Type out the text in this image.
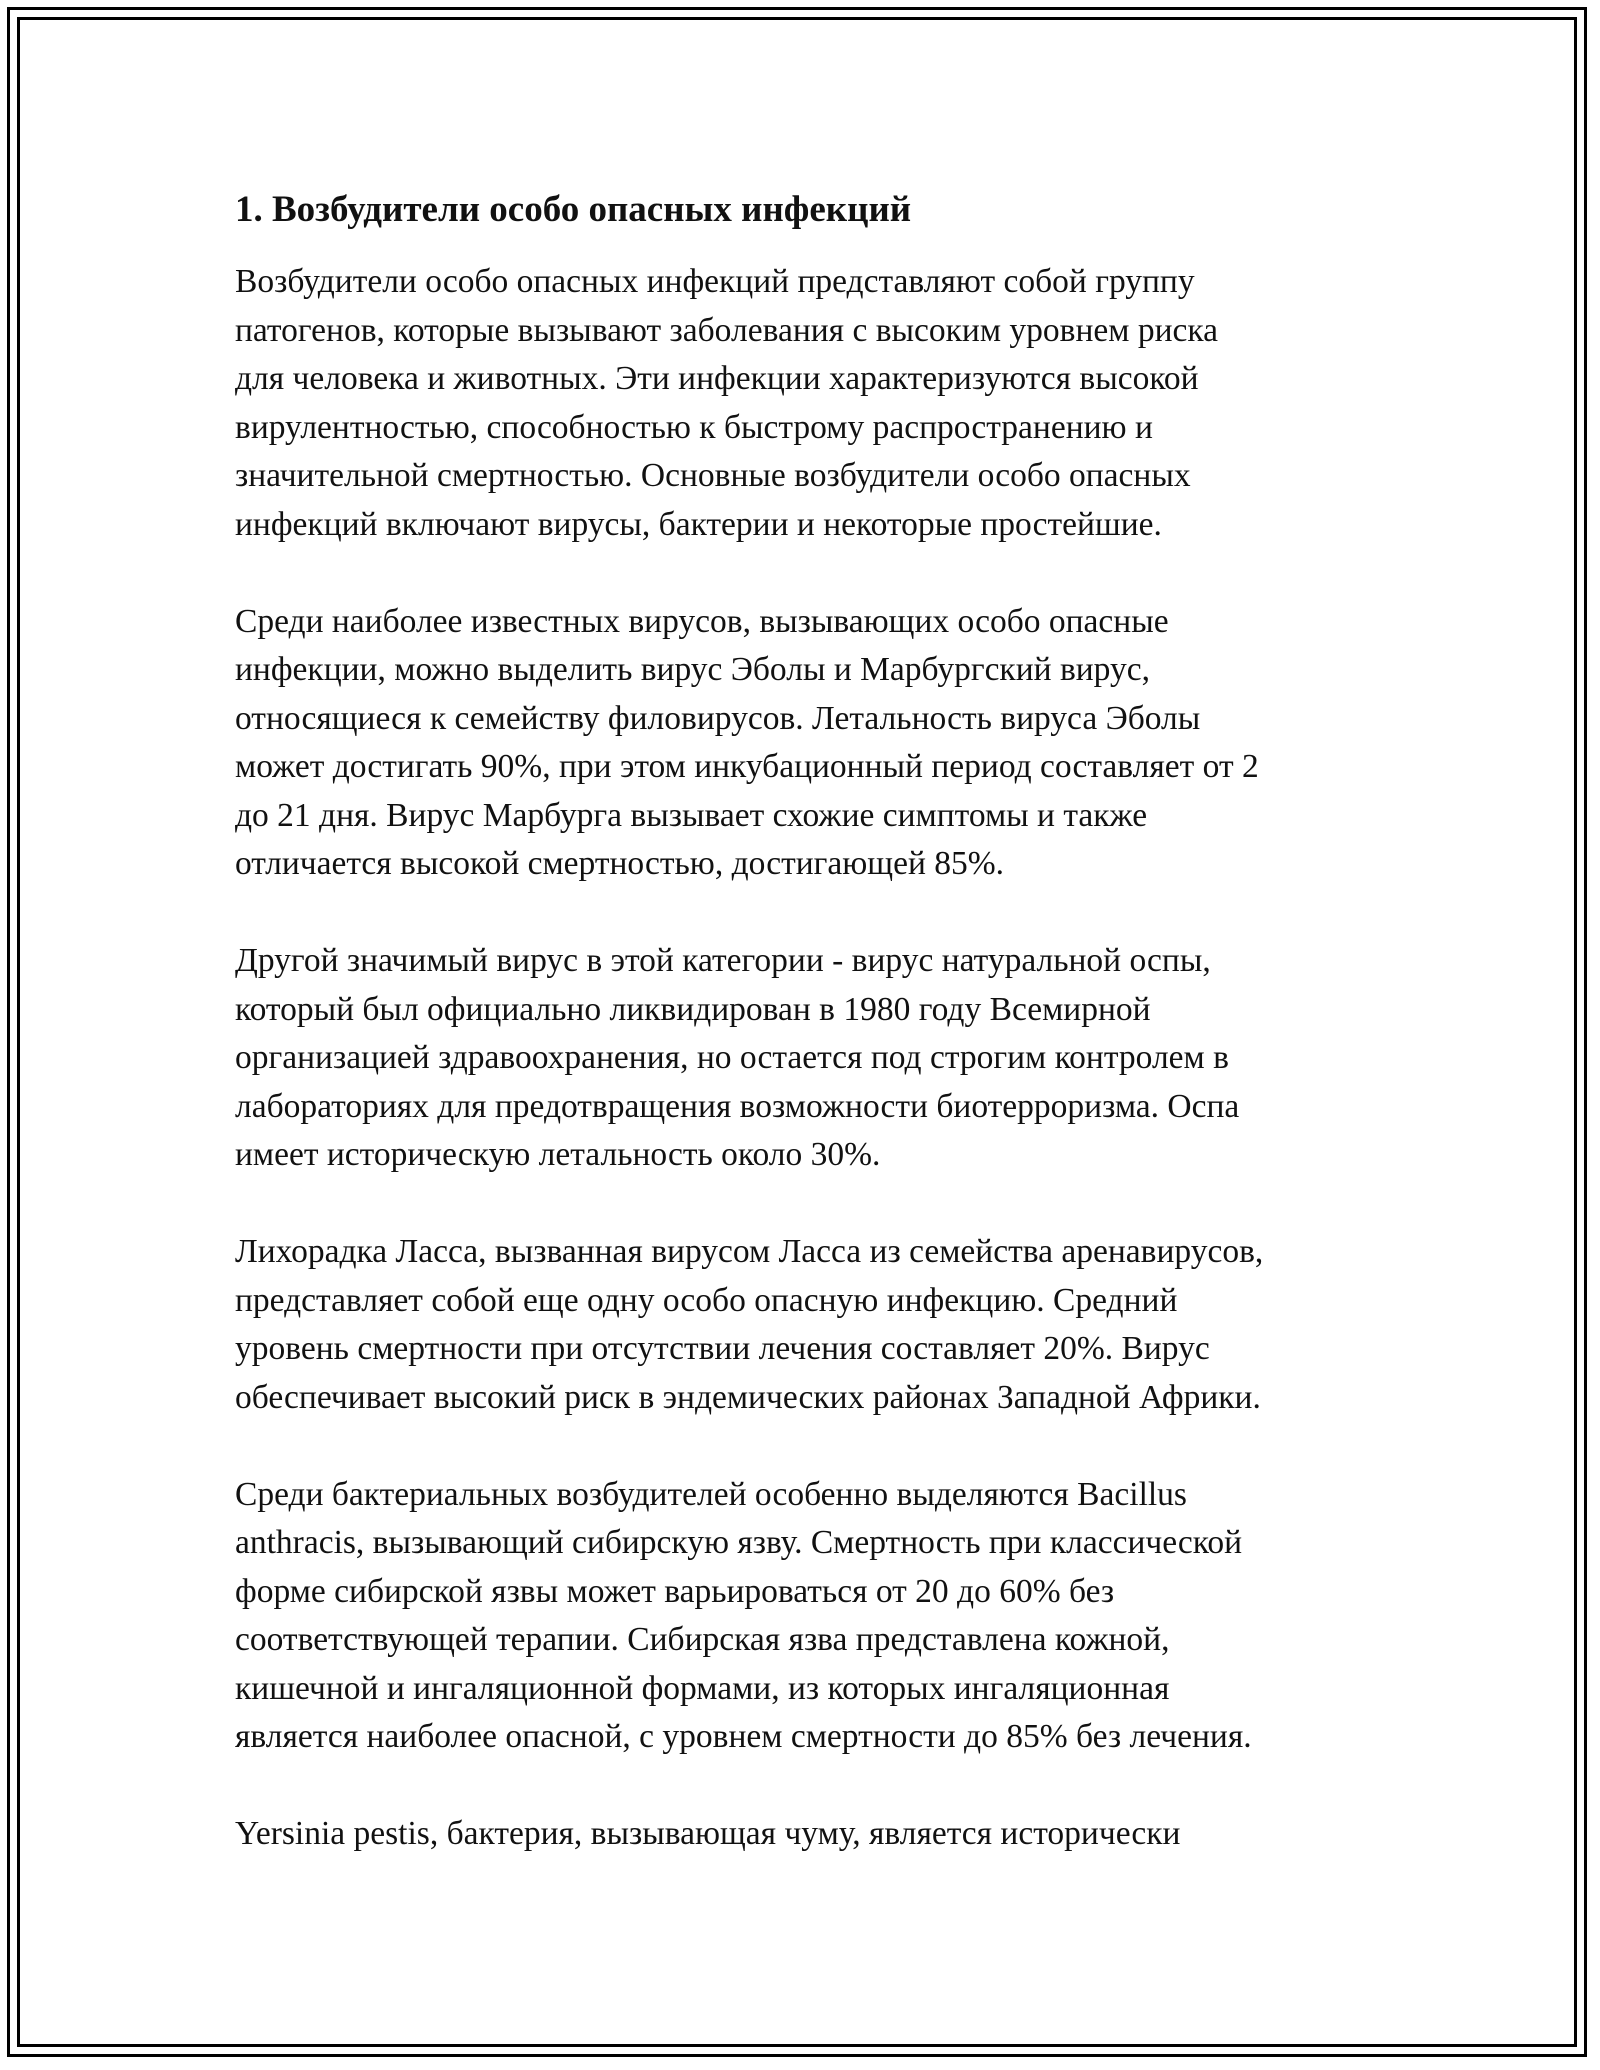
1. Возбудители особо опасных инфекций

Возбудители особо опасных инфекций представляют собой группу
патогенов, которые вызывают заболевания с высоким уровнем риска
для человека и животных. Эти инфекции характеризуются высокой
вирулентностью, способностью к быстрому распространению и
значительной смертностью. Основные возбудители особо опасных
инфекций включают вирусы, бактерии и некоторые простейшие.

Среди наиболее известных вирусов, вызывающих особо опасные
инфекции, можно выделить вирус Эболы и Марбургский вирус,
относящиеся к семейству филовирусов. Летальность вируса Эболы
может достигать 90%, при этом инкубационный период составляет от 2
до 21 дня. Вирус Марбурга вызывает схожие симптомы и также
отличается высокой смертностью, достигающей 85%.

Другой значимый вирус в этой категории - вирус натуральной оспы,
который был официально ликвидирован в 1980 году Всемирной
организацией здравоохранения, но остается под строгим контролем в
лабораториях для предотвращения возможности биотерроризма. Оспа
имеет историческую летальность около 30%.

Лихорадка Ласса, вызванная вирусом Ласса из семейства аренавирусов,
представляет собой еще одну особо опасную инфекцию. Средний
уровень смертности при отсутствии лечения составляет 20%. Вирус
обеспечивает высокий риск в эндемических районах Западной Африки.

Среди бактериальных возбудителей особенно выделяются Bacillus
anthracis, вызывающий сибирскую язву. Смертность при классической
форме сибирской язвы может варьироваться от 20 до 60% без
соответствующей терапии. Сибирская язва представлена кожной,
кишечной и ингаляционной формами, из которых ингаляционная
является наиболее опасной, с уровнем смертности до 85% без лечения.

Yersinia pestis, бактерия, вызывающая чуму, является исторически
